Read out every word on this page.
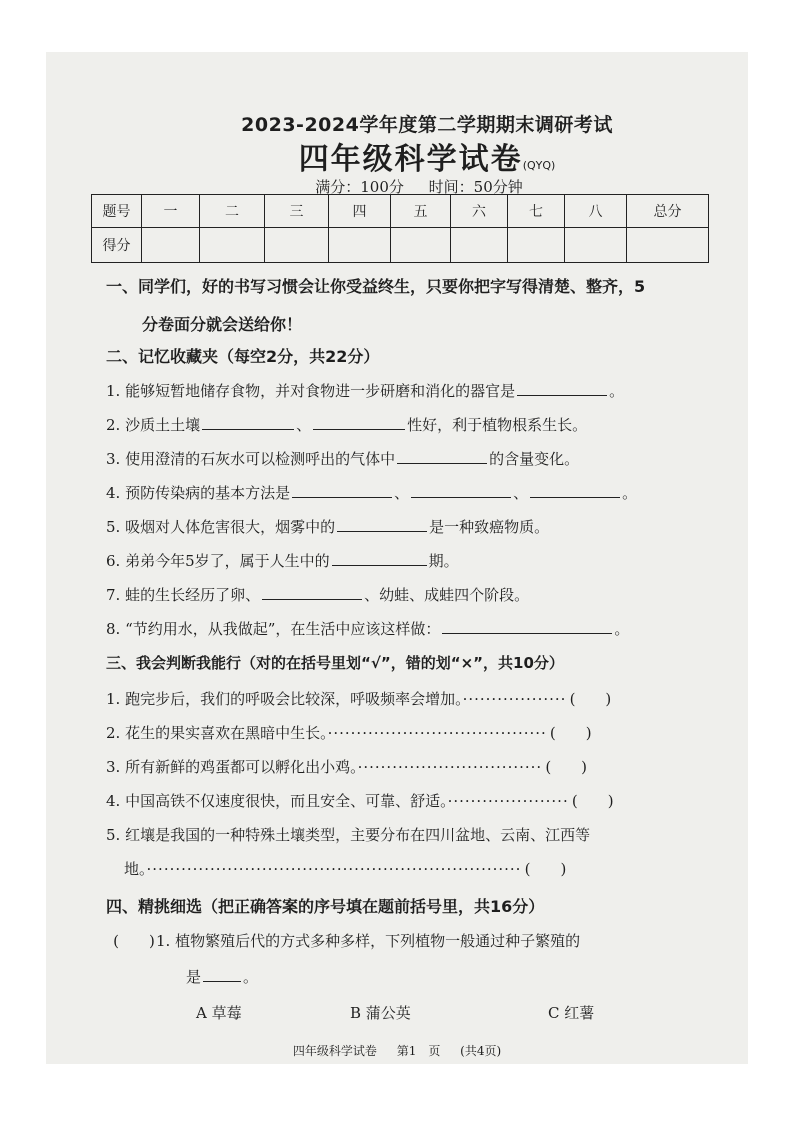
2023-2024学年度第二学期期末调研考试
四年级科学试卷(QYQ)
满分：100分 时间：50分钟
题号	一	二	三	四	五	六	七	八	总分
得分									
一、同学们，好的书写习惯会让你受益终生，只要你把字写得清楚、整齐，5
分卷面分就会送给你！
二、记忆收藏夹（每空2分，共22分）
1. 能够短暂地储存食物，并对食物进一步研磨和消化的器官是	。
2. 沙质土土壤	、	性好，利于植物根系生长。
3. 使用澄清的石灰水可以检测呼出的气体中	的含量变化。
4. 预防传染病的基本方法是	、	、	。
5. 吸烟对人体危害很大，烟雾中的	是一种致癌物质。
6. 弟弟今年5岁了，属于人生中的	期。
7. 蛙的生长经历了卵、	、幼蛙、成蛙四个阶段。
8. “节约用水，从我做起”，在生活中应该这样做：	。
三、我会判断我能行（对的在括号里划“√”，错的划“×”，共10分）
1. 跑完步后，我们的呼吸会比较深，呼吸频率会增加。·················· (　　)
2. 花生的果实喜欢在黑暗中生长。······································ (　　)
3. 所有新鲜的鸡蛋都可以孵化出小鸡。································ (　　)
4. 中国高铁不仅速度很快，而且安全、可靠、舒适。····················· (　　)
5. 红壤是我国的一种特殊土壤类型，主要分布在四川盆地、云南、江西等
地。································································· (　　)
四、精挑细选（把正确答案的序号填在题前括号里，共16分）
(　　)1. 植物繁殖后代的方式多种多样，下列植物一般通过种子繁殖的
是	。
A 草莓	B 蒲公英	C 红薯
四年级科学试卷 第1　页 (共4页)
